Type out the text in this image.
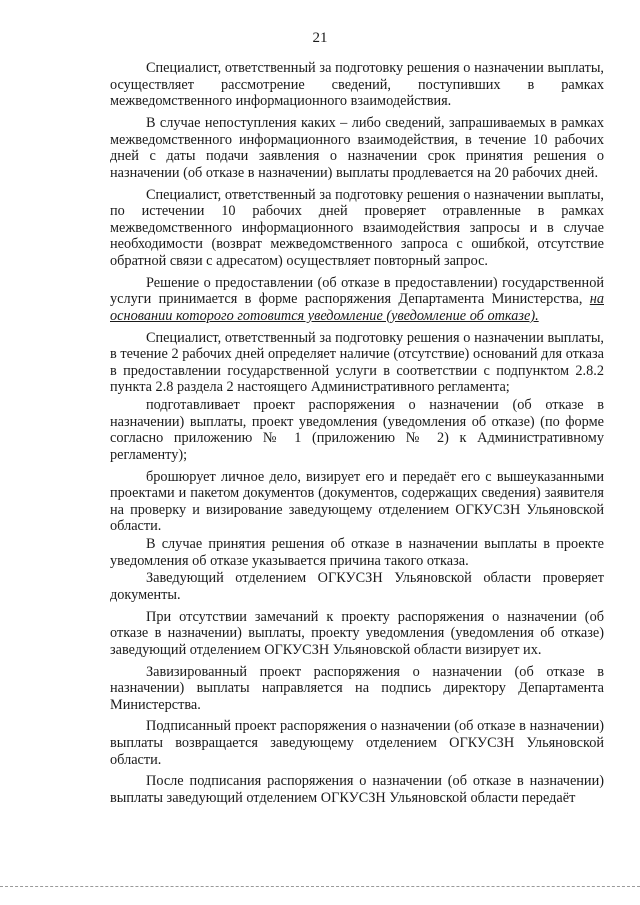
21

Специалист, ответственный за подготовку решения о назначении выплаты, осуществляет рассмотрение сведений, поступивших в рамках межведомственного информационного взаимодействия.

В случае непоступления каких – либо сведений, запрашиваемых в рамках межведомственного информационного взаимодействия, в течение 10 рабочих дней с даты подачи заявления о назначении срок принятия решения о назначении (об отказе в назначении) выплаты продлевается на 20 рабочих дней.

Специалист, ответственный за подготовку решения о назначении выплаты, по истечении 10 рабочих дней проверяет отравленные в рамках межведомственного информационного взаимодействия запросы и в случае необходимости (возврат межведомственного запроса с ошибкой, отсутствие обратной связи с адресатом) осуществляет повторный запрос.

Решение о предоставлении (об отказе в предоставлении) государственной услуги принимается в форме распоряжения Департамента Министерства, на основании которого готовится уведомление (уведомление об отказе).

Специалист, ответственный за подготовку решения о назначении выплаты, в течение 2 рабочих дней определяет наличие (отсутствие) оснований для отказа в предоставлении государственной услуги в соответствии с подпунктом 2.8.2 пункта 2.8 раздела 2 настоящего Административного регламента;

подготавливает проект распоряжения о назначении (об отказе в назначении) выплаты, проект уведомления (уведомления об отказе) (по форме согласно приложению № 1 (приложению № 2) к Административному регламенту);

брошюрует личное дело, визирует его и передаёт его с вышеуказанными проектами и пакетом документов (документов, содержащих сведения) заявителя на проверку и визирование заведующему отделением ОГКУСЗН Ульяновской области.

В случае принятия решения об отказе в назначении выплаты в проекте уведомления об отказе указывается причина такого отказа.

Заведующий отделением ОГКУСЗН Ульяновской области проверяет документы.

При отсутствии замечаний к проекту распоряжения о назначении (об отказе в назначении) выплаты, проекту уведомления (уведомления об отказе) заведующий отделением ОГКУСЗН Ульяновской области визирует их.

Завизированный проект распоряжения о назначении (об отказе в назначении) выплаты направляется на подпись директору Департамента Министерства.

Подписанный проект распоряжения о назначении (об отказе в назначении) выплаты возвращается заведующему отделением ОГКУСЗН Ульяновской области.

После подписания распоряжения о назначении (об отказе в назначении) выплаты заведующий отделением ОГКУСЗН Ульяновской области передаёт
